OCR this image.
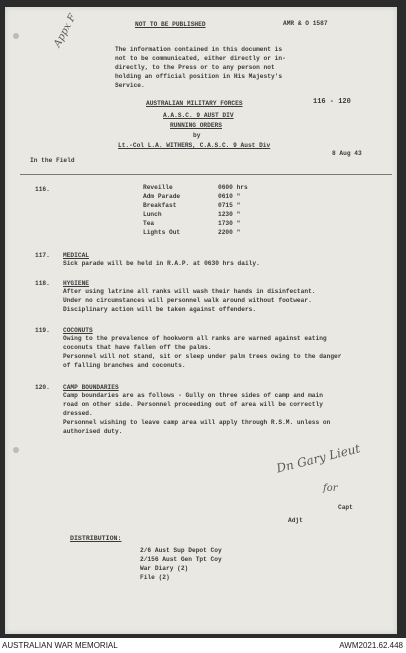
NOT TO BE PUBLISHED	AMR & O 1587
Appx F
The information contained in this document is
not to be communicated, either directly or in-
directly, to the Press or to any person not
holding an official position in His Majesty's
Service.
AUSTRALIAN MILITARY FORCES	116 - 120
A.A.S.C. 9 AUST DIV
RUNNING ORDERS
by
Lt.-Col L.A. WITHERS, C.A.S.C. 9 Aust Div
In the Field
8 Aug 43
116.	Reveille	0600 hrs
Adm Parade	0610 "
Breakfast	0715 "
Lunch	1230 "
Tea	1730 "
Lights Out	2200 "
117. MEDICAL
Sick parade will be held in R.A.P. at 0630 hrs daily.
118. HYGIENE
After using latrine all ranks will wash their hands in disinfectant.
Under no circumstances will personnel walk around without footwear.
Disciplinary action will be taken against offenders.
119. COCONUTS
Owing to the prevalence of hookworm all ranks are warned against eating
coconuts that have fallen off the palms.
Personnel will not stand, sit or sleep under palm trees owing to the danger
of falling branches and coconuts.
120. CAMP BOUNDARIES
Camp boundaries are as follows - Gully on three sides of camp and main
road on other side. Personnel proceeding out of area will be correctly
dressed.
Personnel wishing to leave camp area will apply through R.S.M. unless on
authorised duty.
Dn Gary Lieut
for
Capt
Adjt
DISTRIBUTION:
2/6 Aust Sup Depot Coy
2/156 Aust Gen Tpt Coy
War Diary (2)
File (2)
AUSTRALIAN WAR MEMORIAL	AWM2021.62.448
